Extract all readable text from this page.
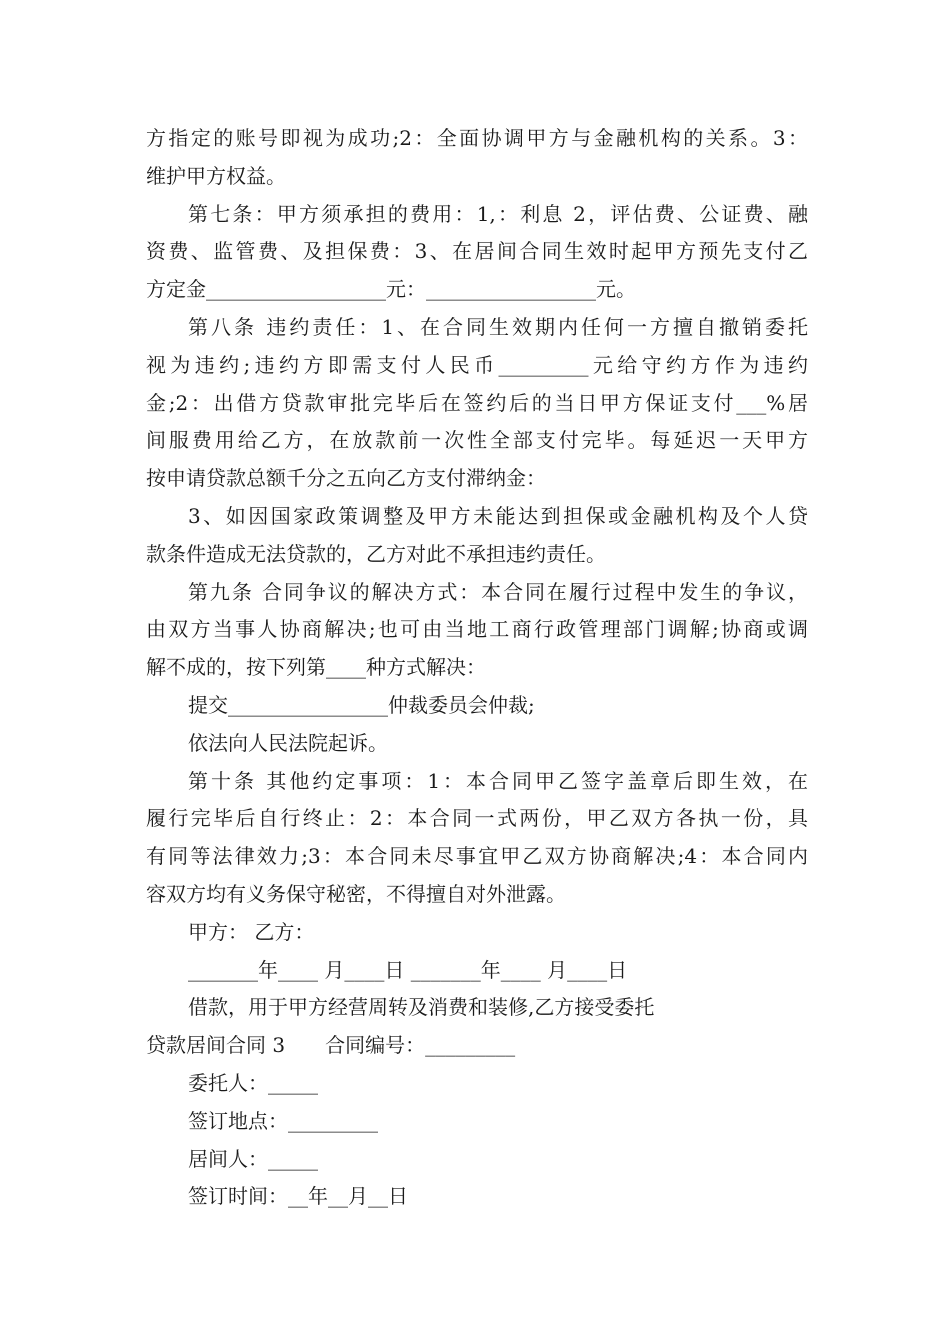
方指定的账号即视为成功;2：全面协调甲方与金融机构的关系。3：
维护甲方权益。
第七条：甲方须承担的费用：1,：利息 2，评估费、公证费、融
资费、监管费、及担保费：3、在居间合同生效时起甲方预先支付乙
方定金__________________元：_________________元。
第八条 违约责任：1、在合同生效期内任何一方擅自撤销委托
视为违约;违约方即需支付人民币_________元给守约方作为违约
金;2：出借方贷款审批完毕后在签约后的当日甲方保证支付___%居
间服费用给乙方，在放款前一次性全部支付完毕。每延迟一天甲方
按申请贷款总额千分之五向乙方支付滞纳金：
3、如因国家政策调整及甲方未能达到担保或金融机构及个人贷
款条件造成无法贷款的，乙方对此不承担违约责任。
第九条 合同争议的解决方式：本合同在履行过程中发生的争议，
由双方当事人协商解决;也可由当地工商行政管理部门调解;协商或调
解不成的，按下列第____种方式解决：
提交________________仲裁委员会仲裁;
依法向人民法院起诉。
第十条 其他约定事项：1：本合同甲乙签字盖章后即生效，在
履行完毕后自行终止：2：本合同一式两份，甲乙双方各执一份，具
有同等法律效力;3：本合同未尽事宜甲乙双方协商解决;4：本合同内
容双方均有义务保守秘密，不得擅自对外泄露。
甲方： 乙方：
_______年____ 月____日 _______年____ 月____日
借款，用于甲方经营周转及消费和装修,乙方接受委托
贷款居间合同 3　　合同编号：_________
委托人：_____
签订地点：_________
居间人：_____
签订时间：__年__月__日
